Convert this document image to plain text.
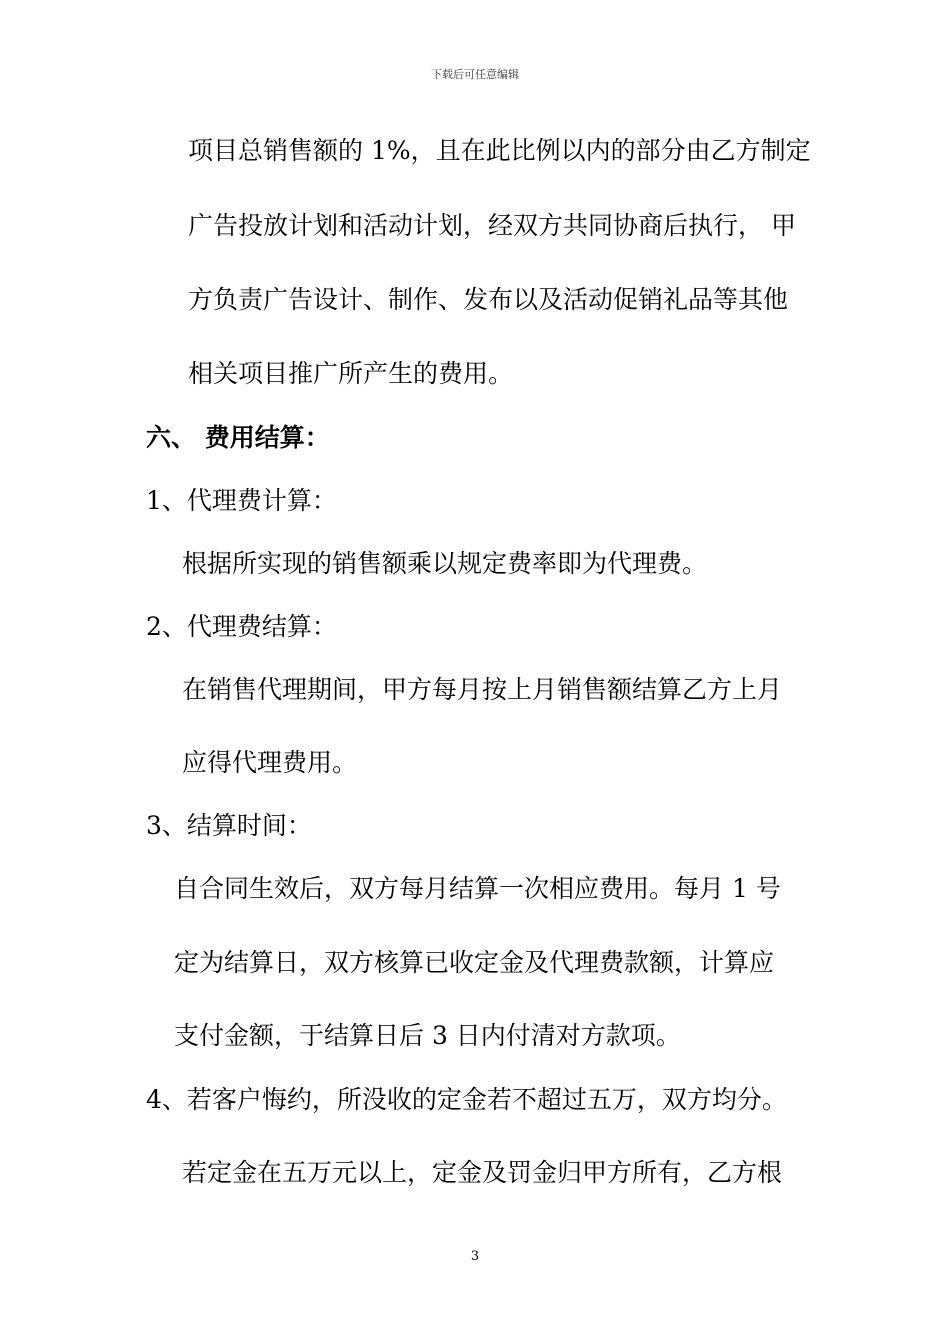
下载后可任意编辑
项目总销售额的 1%，且在此比例以内的部分由乙方制定
广告投放计划和活动计划，经双方共同协商后执行， 甲
方负责广告设计、制作、发布以及活动促销礼品等其他
相关项目推广所产生的费用。
六、 费用结算：
1、代理费计算：
根据所实现的销售额乘以规定费率即为代理费。
2、代理费结算：
在销售代理期间，甲方每月按上月销售额结算乙方上月
应得代理费用。
3、结算时间：
自合同生效后，双方每月结算一次相应费用。每月 1 号
定为结算日，双方核算已收定金及代理费款额，计算应
支付金额，于结算日后 3 日内付清对方款项。
4、若客户悔约，所没收的定金若不超过五万，双方均分。
若定金在五万元以上，定金及罚金归甲方所有，乙方根
3
